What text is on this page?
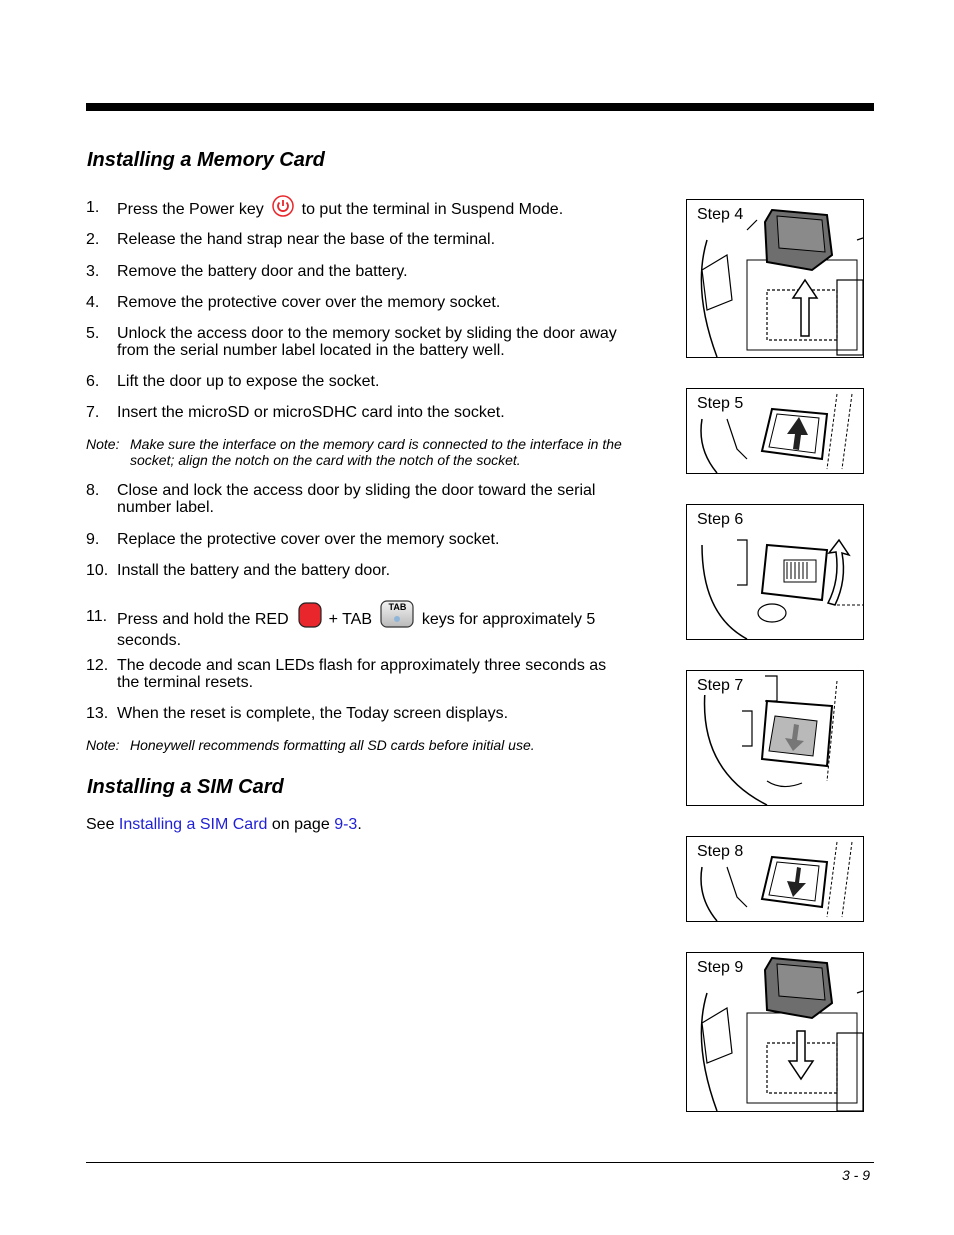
Installing a Memory Card
1.	Press the Power key to put the terminal in Suspend Mode.
2.	Release the hand strap near the base of the terminal.
3.	Remove the battery door and the battery.
4.	Remove the protective cover over the memory socket.
5.	Unlock the access door to the memory socket by sliding the door away from the serial number label located in the battery well.
6.	Lift the door up to expose the socket.
7.	Insert the microSD or microSDHC card into the socket.
Note: Make sure the interface on the memory card is connected to the interface in the socket; align the notch on the card with the notch of the socket.
8.	Close and lock the access door by sliding the door toward the serial number label.
9.	Replace the protective cover over the memory socket.
10. Install the battery and the battery door.
11. Press and hold the RED + TAB
TAB
keys for approximately 5 seconds.
12. The decode and scan LEDs flash for approximately three seconds as the terminal resets.
13. When the reset is complete, the Today screen displays.
Note: Honeywell recommends formatting all SD cards before initial use.
Installing a SIM Card
See Installing a SIM Card on page 9-3.
Step 4
Step 5
Step 6
Step 7
Step 8
Step 9
3 - 9
